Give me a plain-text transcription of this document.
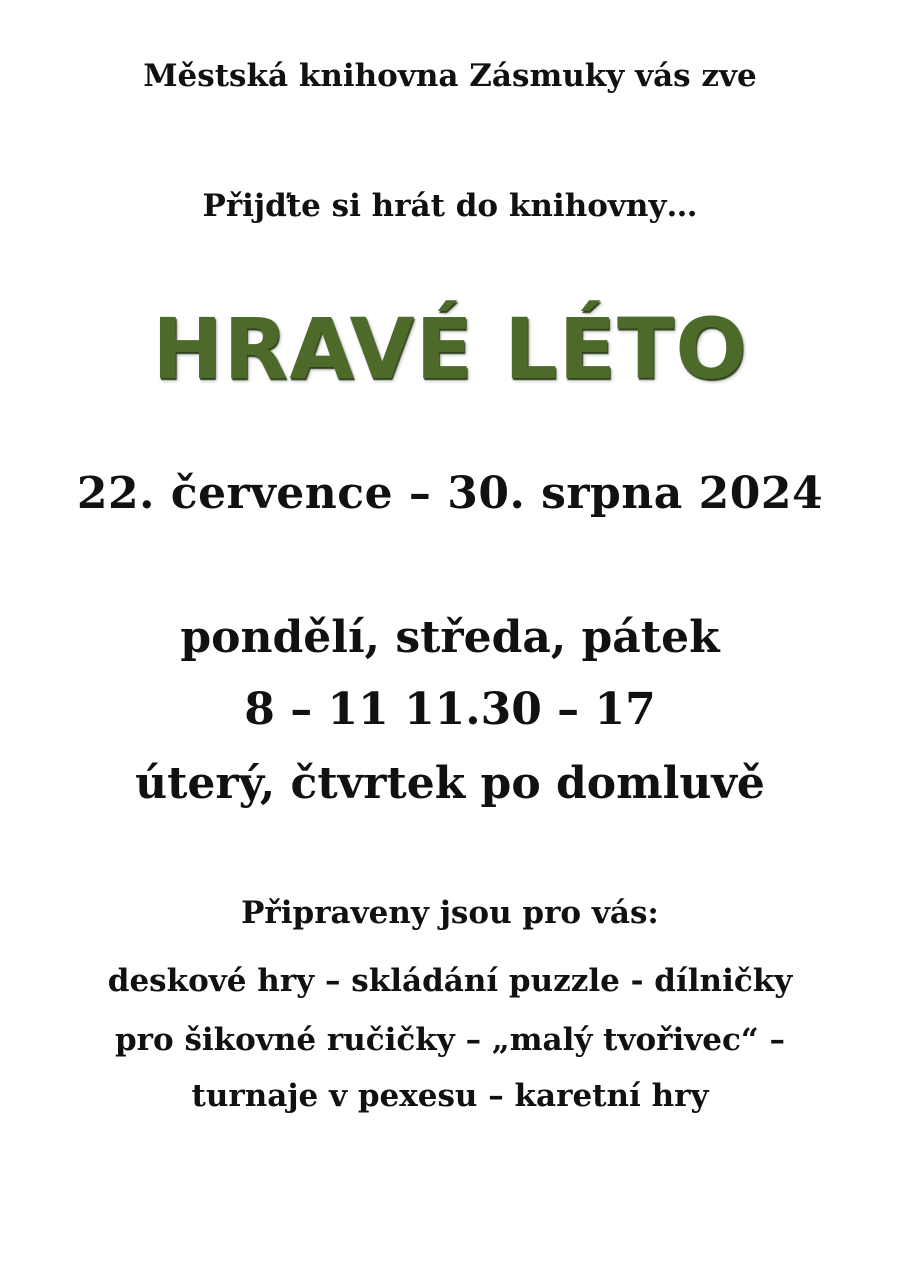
Městská knihovna Zásmuky vás zve
Přijďte si hrát do knihovny…
HRAVÉ LÉTO
22. července – 30. srpna 2024
pondělí, středa, pátek
8 – 11 11.30 – 17
úterý, čtvrtek po domluvě
Připraveny jsou pro vás:
deskové hry – skládání puzzle - dílničky
pro šikovné ručičky – „malý tvořivec“ –
turnaje v pexesu – karetní hry
